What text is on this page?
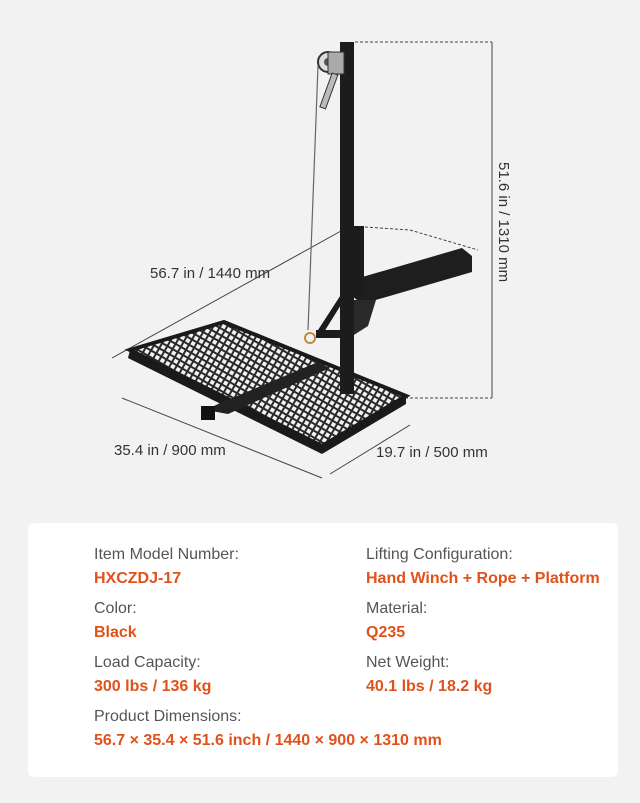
56.7 in / 1440 mm
35.4 in / 900 mm	19.7 in / 500 mm
51.6 in / 1310 mm
Item Model Number:
HXCZDJ-17
Lifting Configuration:
Hand Winch + Rope + Platform
Color:
Black
Material:
Q235
Load Capacity:
300 lbs / 136 kg
Net Weight:
40.1 lbs / 18.2 kg
Product Dimensions:
56.7 × 35.4 × 51.6 inch / 1440 × 900 × 1310 mm
